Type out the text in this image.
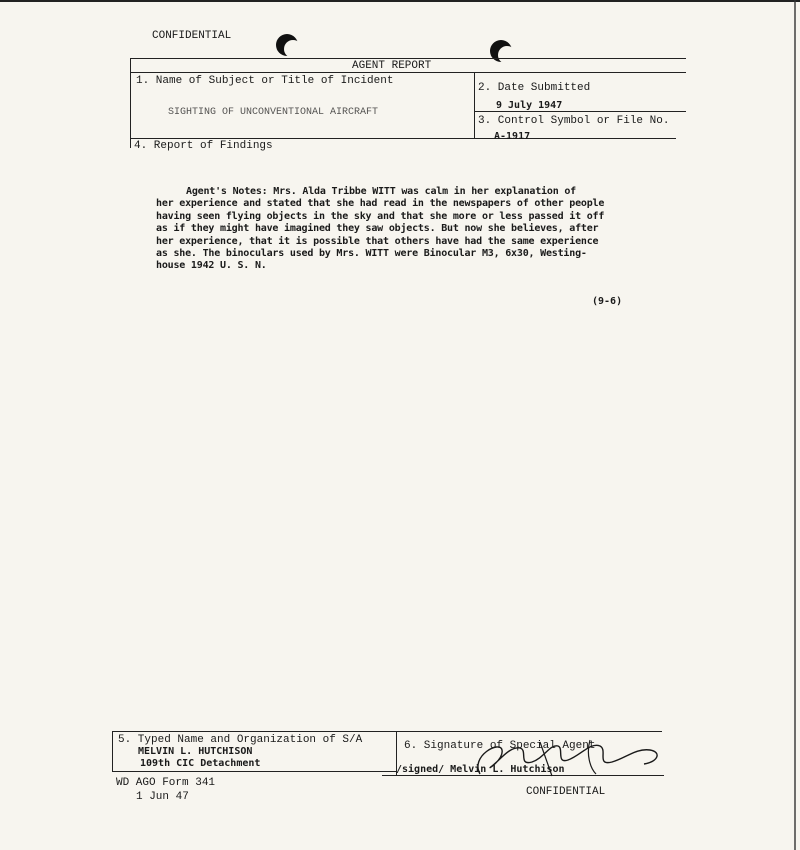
CONFIDENTIAL
AGENT REPORT
1. Name of Subject or Title of Incident
SIGHTING OF UNCONVENTIONAL AIRCRAFT
2. Date Submitted
9 July 1947
3. Control Symbol or File No.
A-1917
4. Report of Findings
Agent's Notes: Mrs. Alda Tribbe WITT was calm in her explanation of
her experience and stated that she had read in the newspapers of other people
having seen flying objects in the sky and that she more or less passed it off
as if they might have imagined they saw objects. But now she believes, after
her experience, that it is possible that others have had the same experience
as she. The binoculars used by Mrs. WITT were Binocular M3, 6x30, Westing-
house 1942 U. S. N.
(9-6)
5. Typed Name and Organization of S/A
MELVIN L. HUTCHISON
109th CIC Detachment
6. Signature of Special Agent
/signed/ Melvin L. Hutchison
WD AGO Form 341
1 Jun 47	CONFIDENTIAL
